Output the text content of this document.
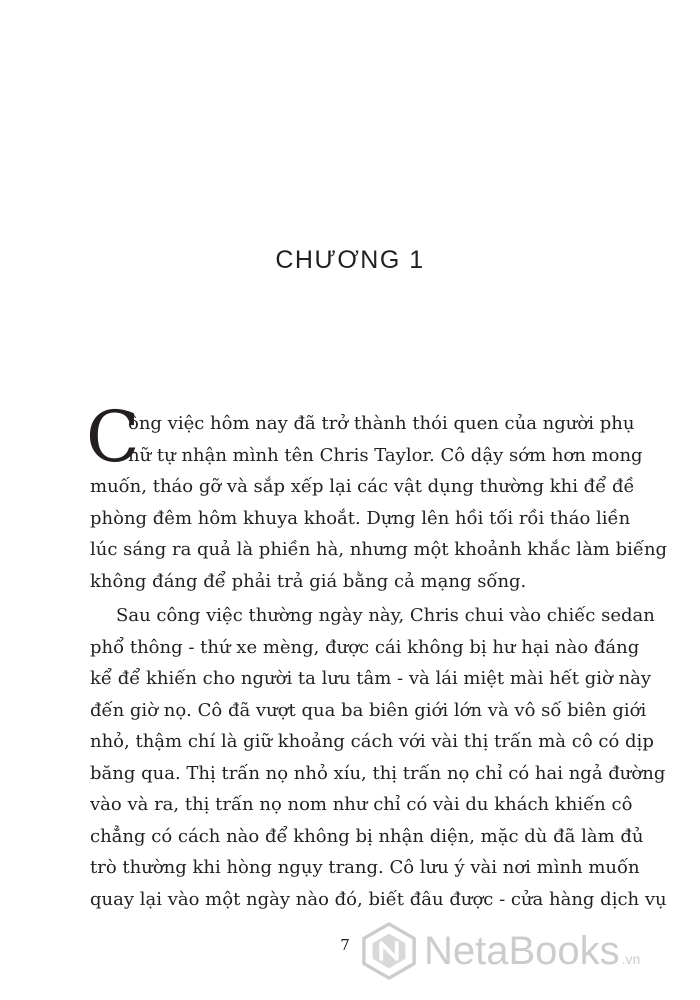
CHƯƠNG 1
C
ông việc hôm nay đã trở thành thói quen của người phụ
nữ tự nhận mình tên Chris Taylor. Cô dậy sớm hơn mong
muốn, tháo gỡ và sắp xếp lại các vật dụng thường khi để đề
phòng đêm hôm khuya khoắt. Dựng lên hồi tối rồi tháo liền
lúc sáng ra quả là phiền hà, nhưng một khoảnh khắc làm biếng
không đáng để phải trả giá bằng cả mạng sống.
Sau công việc thường ngày này, Chris chui vào chiếc sedan
phổ thông - thứ xe mèng, được cái không bị hư hại nào đáng
kể để khiến cho người ta lưu tâm - và lái miệt mài hết giờ này
đến giờ nọ. Cô đã vượt qua ba biên giới lớn và vô số biên giới
nhỏ, thậm chí là giữ khoảng cách với vài thị trấn mà cô có dịp
băng qua. Thị trấn nọ nhỏ xíu, thị trấn nọ chỉ có hai ngả đường
vào và ra, thị trấn nọ nom như chỉ có vài du khách khiến cô
chẳng có cách nào để không bị nhận diện, mặc dù đã làm đủ
trò thường khi hòng ngụy trang. Cô lưu ý vài nơi mình muốn
quay lại vào một ngày nào đó, biết đâu được - cửa hàng dịch vụ
7	NetaBooks .vn
